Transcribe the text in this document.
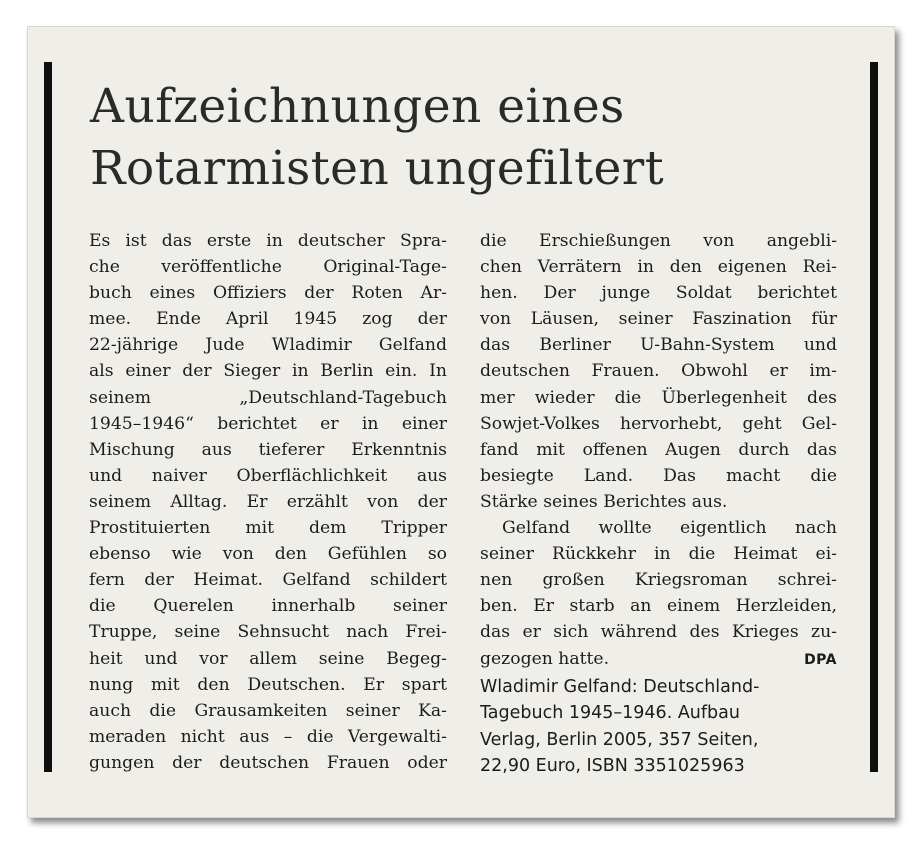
Aufzeichnungen eines
Rotarmisten ungefiltert
Es ist das erste in deutscher Spra-
che veröffentliche Original-Tage-
buch eines Offiziers der Roten Ar-
mee. Ende April 1945 zog der
22-jährige Jude Wladimir Gelfand
als einer der Sieger in Berlin ein. In
seinem „Deutschland-Tagebuch
1945–1946“ berichtet er in einer
Mischung aus tieferer Erkenntnis
und naiver Oberflächlichkeit aus
seinem Alltag. Er erzählt von der
Prostituierten mit dem Tripper
ebenso wie von den Gefühlen so
fern der Heimat. Gelfand schildert
die Querelen innerhalb seiner
Truppe, seine Sehnsucht nach Frei-
heit und vor allem seine Begeg-
nung mit den Deutschen. Er spart
auch die Grausamkeiten seiner Ka-
meraden nicht aus – die Vergewalti-
gungen der deutschen Frauen oder
die Erschießungen von angebli-
chen Verrätern in den eigenen Rei-
hen. Der junge Soldat berichtet
von Läusen, seiner Faszination für
das Berliner U-Bahn-System und
deutschen Frauen. Obwohl er im-
mer wieder die Überlegenheit des
Sowjet-Volkes hervorhebt, geht Gel-
fand mit offenen Augen durch das
besiegte Land. Das macht die
Stärke seines Berichtes aus.
Gelfand wollte eigentlich nach
seiner Rückkehr in die Heimat ei-
nen großen Kriegsroman schrei-
ben. Er starb an einem Herzleiden,
das er sich während des Krieges zu-
gezogen hatte.	DPA
Wladimir Gelfand: Deutschland-
Tagebuch 1945–1946. Aufbau
Verlag, Berlin 2005, 357 Seiten,
22,90 Euro, ISBN 3351025963
